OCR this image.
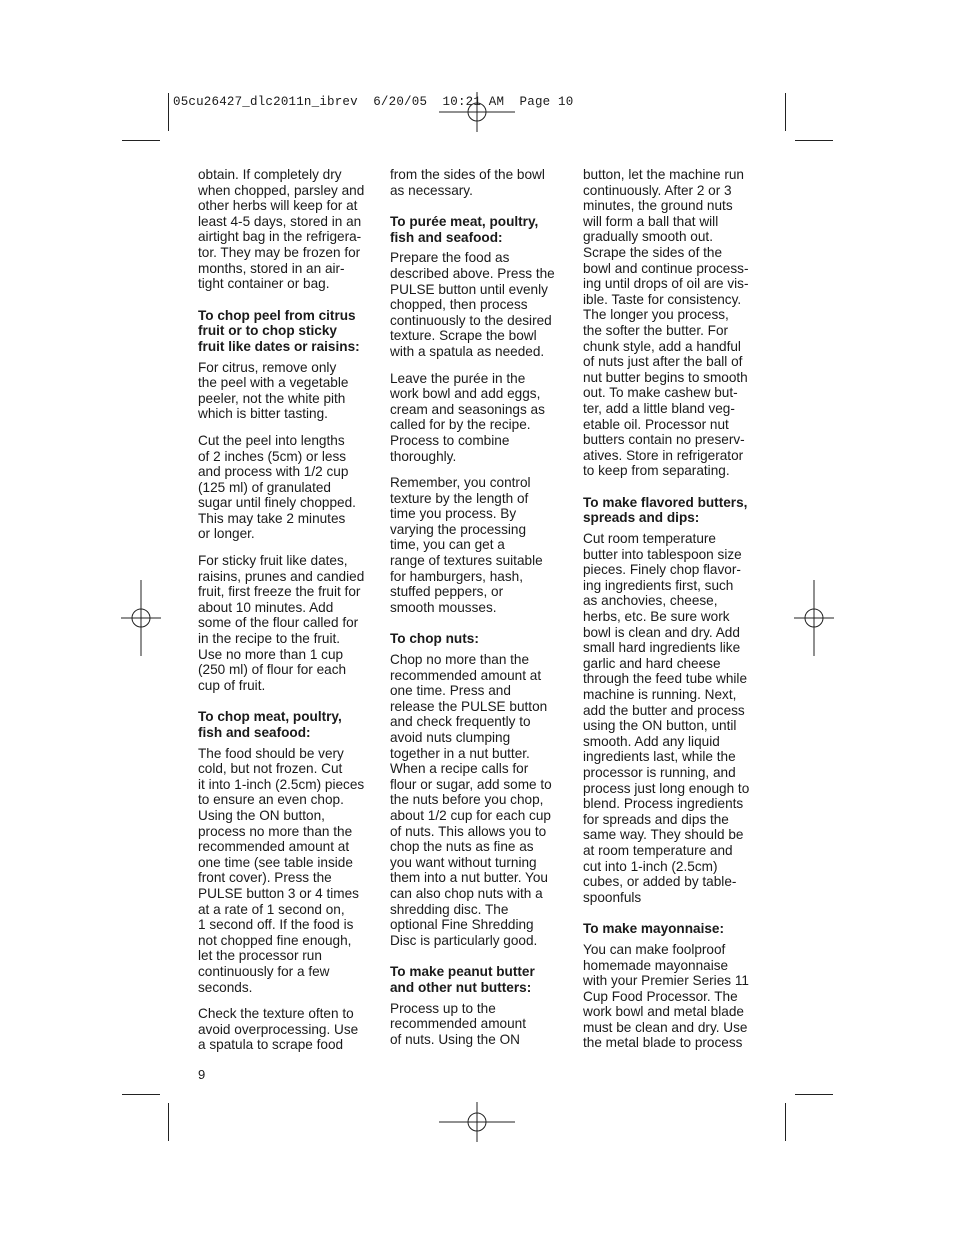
05cu26427_dlc2011n_ibrev  6/20/05  10:21 AM  Page 10
obtain. If completely dry
when chopped, parsley and
other herbs will keep for at
least 4-5 days, stored in an
airtight bag in the refrigera-
tor. They may be frozen for
months, stored in an air-
tight container or bag.
To chop peel from citrus
fruit or to chop sticky
fruit like dates or raisins:
For citrus, remove only
the peel with a vegetable
peeler, not the white pith
which is bitter tasting.
Cut the peel into lengths
of 2 inches (5cm) or less
and process with 1/2 cup
(125 ml) of granulated
sugar until finely chopped.
This may take 2 minutes
or longer.
For sticky fruit like dates,
raisins, prunes and candied
fruit, first freeze the fruit for
about 10 minutes. Add
some of the flour called for
in the recipe to the fruit.
Use no more than 1 cup
(250 ml) of flour for each
cup of fruit.
To chop meat, poultry,
fish and seafood:
The food should be very
cold, but not frozen. Cut
it into 1-inch (2.5cm) pieces
to ensure an even chop.
Using the ON button,
process no more than the
recommended amount at
one time (see table inside
front cover). Press the
PULSE button 3 or 4 times
at a rate of 1 second on,
1 second off. If the food is
not chopped fine enough,
let the processor run
continuously for a few
seconds.
Check the texture often to
avoid overprocessing. Use
a spatula to scrape food
from the sides of the bowl
as necessary.
To purée meat, poultry,
fish and seafood:
Prepare the food as
described above. Press the
PULSE button until evenly
chopped, then process
continuously to the desired
texture. Scrape the bowl
with a spatula as needed.
Leave the purée in the
work bowl and add eggs,
cream and seasonings as
called for by the recipe.
Process to combine
thoroughly.
Remember, you control
texture by the length of
time you process. By
varying the processing
time, you can get a
range of textures suitable
for hamburgers, hash,
stuffed peppers, or
smooth mousses.
To chop nuts:
Chop no more than the
recommended amount at
one time. Press and
release the PULSE button
and check frequently to
avoid nuts clumping
together in a nut butter.
When a recipe calls for
flour or sugar, add some to
the nuts before you chop,
about 1/2 cup for each cup
of nuts. This allows you to
chop the nuts as fine as
you want without turning
them into a nut butter. You
can also chop nuts with a
shredding disc. The
optional Fine Shredding
Disc is particularly good.
To make peanut butter
and other nut butters:
Process up to the
recommended amount
of nuts. Using the ON
button, let the machine run
continuously. After 2 or 3
minutes, the ground nuts
will form a ball that will
gradually smooth out.
Scrape the sides of the
bowl and continue process-
ing until drops of oil are vis-
ible. Taste for consistency.
The longer you process,
the softer the butter. For
chunk style, add a handful
of nuts just after the ball of
nut butter begins to smooth
out. To make cashew but-
ter, add a little bland veg-
etable oil. Processor nut
butters contain no preserv-
atives. Store in refrigerator
to keep from separating.
To make flavored butters,
spreads and dips:
Cut room temperature
butter into tablespoon size
pieces. Finely chop flavor-
ing ingredients first, such
as anchovies, cheese,
herbs, etc. Be sure work
bowl is clean and dry. Add
small hard ingredients like
garlic and hard cheese
through the feed tube while
machine is running. Next,
add the butter and process
using the ON button, until
smooth. Add any liquid
ingredients last, while the
processor is running, and
process just long enough to
blend. Process ingredients
for spreads and dips the
same way. They should be
at room temperature and
cut into 1-inch (2.5cm)
cubes, or added by table-
spoonfuls
To make mayonnaise:
You can make foolproof
homemade mayonnaise
with your Premier Series 11
Cup Food Processor. The
work bowl and metal blade
must be clean and dry. Use
the metal blade to process
9
